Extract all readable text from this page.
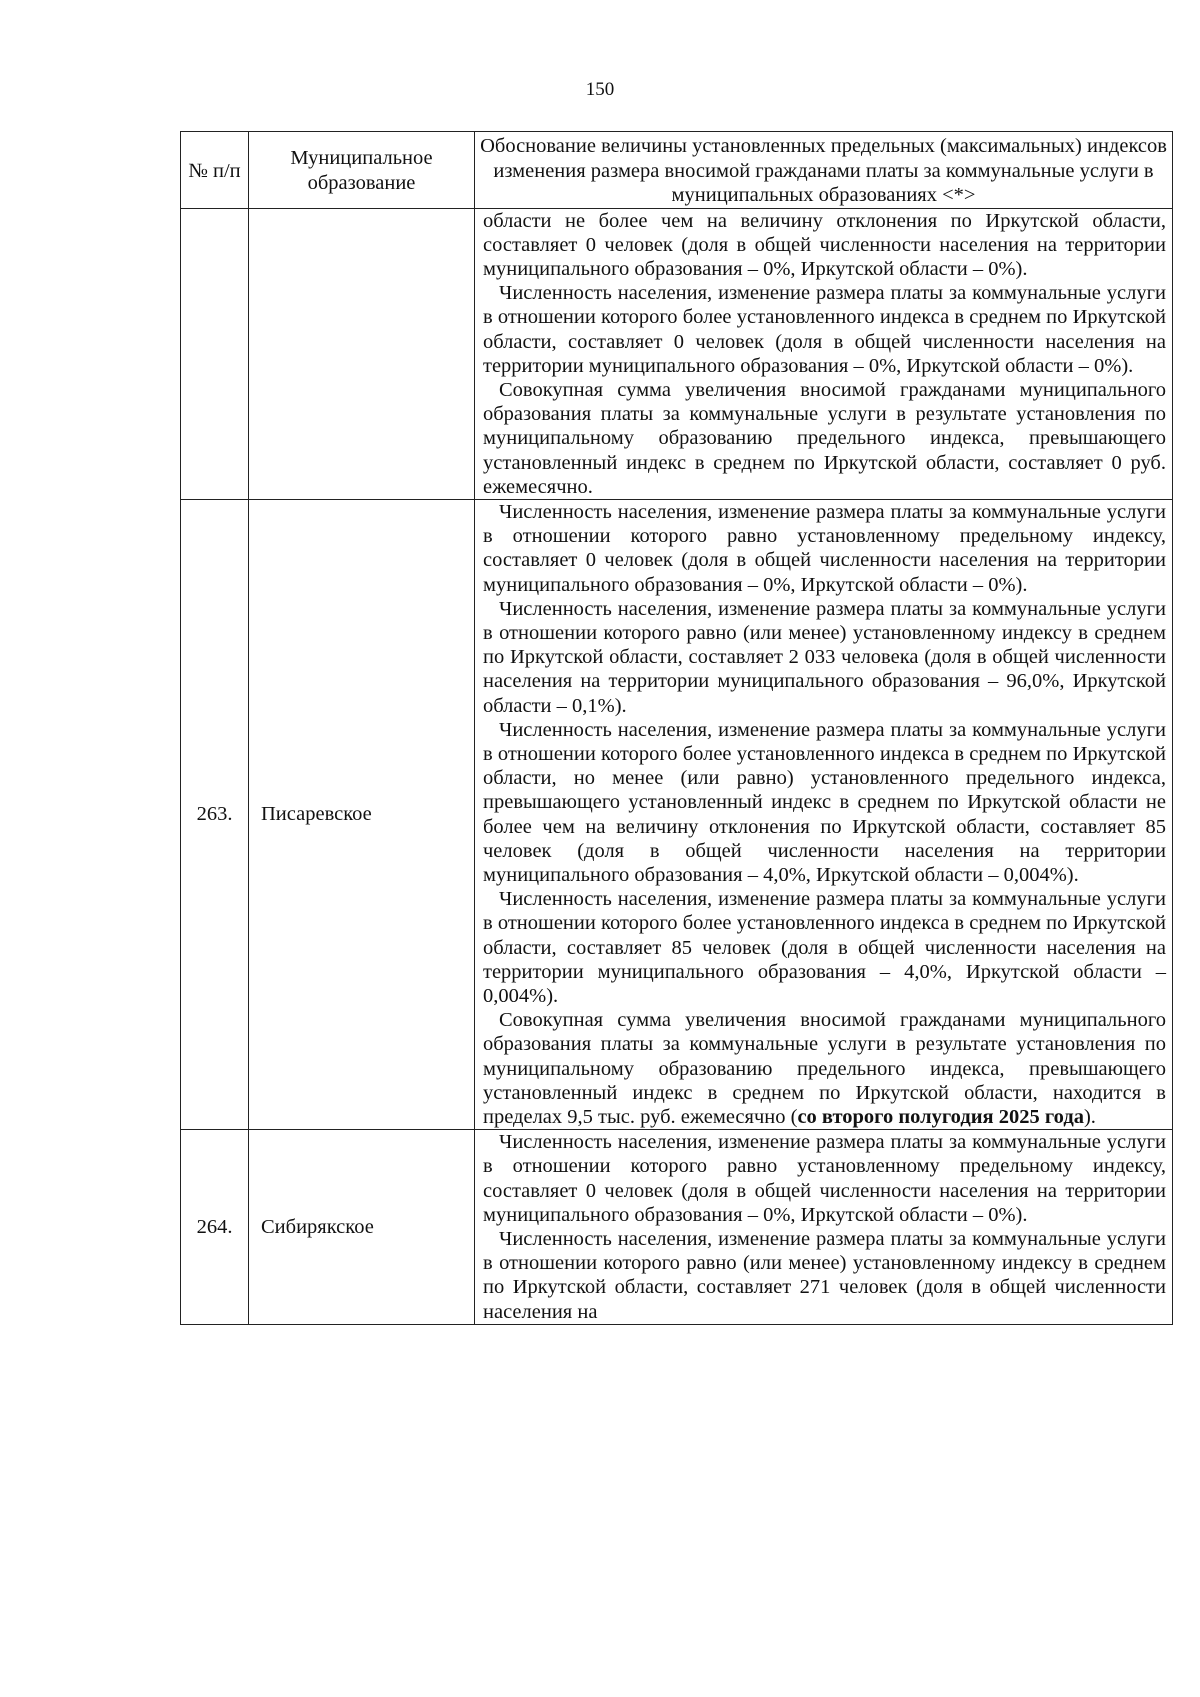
150
№ п/п	Муниципальное образование	Обоснование величины установленных предельных (максимальных) индексов изменения размера вносимой гражданами платы за коммунальные услуги в муниципальных образованиях <*>

		области не более чем на величину отклонения по Иркутской области, составляет 0 человек (доля в общей численности населения на территории муниципального образования – 0%, Иркутской области – 0%).

Численность населения, изменение размера платы за коммунальные услуги в отношении которого более установленного индекса в среднем по Иркутской области, составляет 0 человек (доля в общей численности населения на территории муниципального образования – 0%, Иркутской области – 0%).

Совокупная сумма увеличения вносимой гражданами муниципального образования платы за коммунальные услуги в результате установления по муниципальному образованию предельного индекса, превышающего установленный индекс в среднем по Иркутской области, составляет 0 руб. ежемесячно.

263.	Писаревское	Численность населения, изменение размера платы за коммунальные услуги в отношении которого равно установленному предельному индексу, составляет 0 человек (доля в общей численности населения на территории муниципального образования – 0%, Иркутской области – 0%).

Численность населения, изменение размера платы за коммунальные услуги в отношении которого равно (или менее) установленному индексу в среднем по Иркутской области, составляет 2 033 человека (доля в общей численности населения на территории муниципального образования – 96,0%, Иркутской области – 0,1%).

Численность населения, изменение размера платы за коммунальные услуги в отношении которого более установленного индекса в среднем по Иркутской области, но менее (или равно) установленного предельного индекса, превышающего установленный индекс в среднем по Иркутской области не более чем на величину отклонения по Иркутской области, составляет 85 человек (доля в общей численности населения на территории муниципального образования – 4,0%, Иркутской области – 0,004%).

Численность населения, изменение размера платы за коммунальные услуги в отношении которого более установленного индекса в среднем по Иркутской области, составляет 85 человек (доля в общей численности населения на территории муниципального образования – 4,0%, Иркутской области – 0,004%).

Совокупная сумма увеличения вносимой гражданами муниципального образования платы за коммунальные услуги в результате установления по муниципальному образованию предельного индекса, превышающего установленный индекс в среднем по Иркутской области, находится в пределах 9,5 тыс. руб. ежемесячно (со второго полугодия 2025 года).

264.	Сибирякское	Численность населения, изменение размера платы за коммунальные услуги в отношении которого равно установленному предельному индексу, составляет 0 человек (доля в общей численности населения на территории муниципального образования – 0%, Иркутской области – 0%).

Численность населения, изменение размера платы за коммунальные услуги в отношении которого равно (или менее) установленному индексу в среднем по Иркутской области, составляет 271 человек (доля в общей численности населения на
